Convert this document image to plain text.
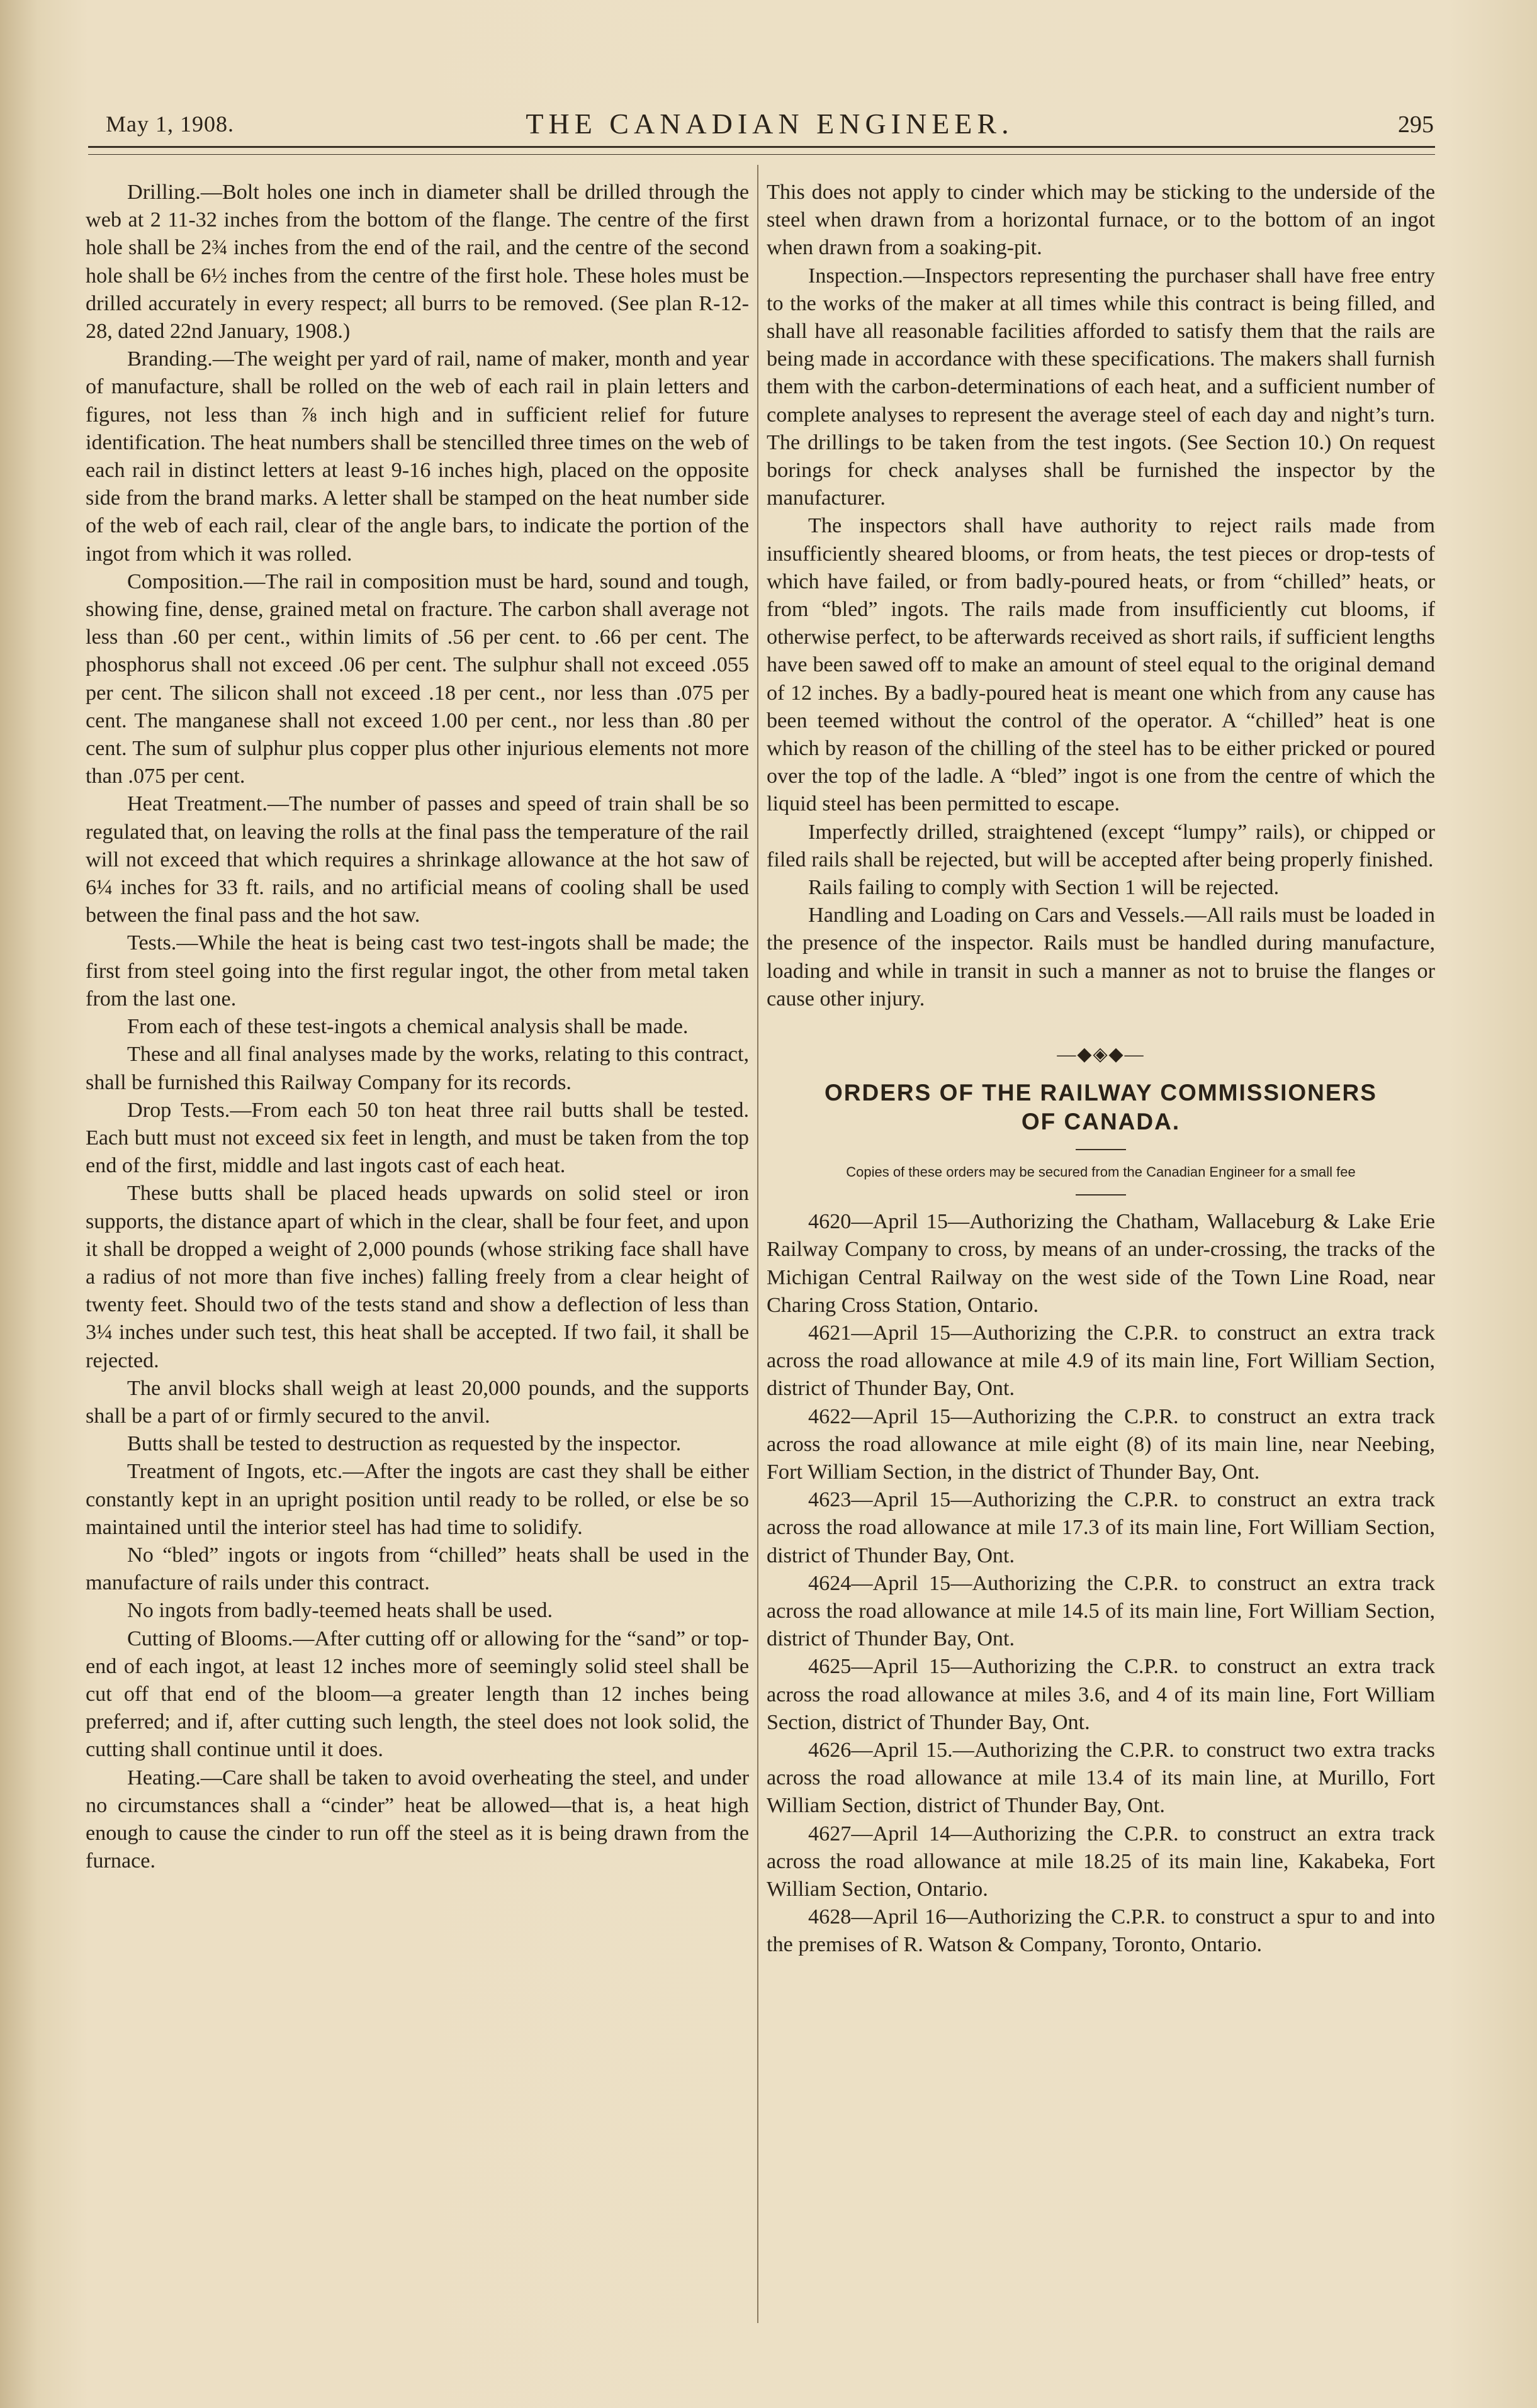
May 1, 1908.	THE CANADIAN ENGINEER.	295

Drilling.—Bolt holes one inch in diameter shall be drilled through the web at 2 11-32 inches from the bottom of the flange. The centre of the first hole shall be 2¾ inches from the end of the rail, and the centre of the second hole shall be 6½ inches from the centre of the first hole. These holes must be drilled accurately in every respect; all burrs to be removed. (See plan R-12-28, dated 22nd January, 1908.)

Branding.—The weight per yard of rail, name of maker, month and year of manufacture, shall be rolled on the web of each rail in plain letters and figures, not less than ⅞ inch high and in sufficient relief for future identification. The heat numbers shall be stencilled three times on the web of each rail in distinct letters at least 9-16 inches high, placed on the opposite side from the brand marks. A letter shall be stamped on the heat number side of the web of each rail, clear of the angle bars, to indicate the portion of the ingot from which it was rolled.

Composition.—The rail in composition must be hard, sound and tough, showing fine, dense, grained metal on fracture. The carbon shall average not less than .60 per cent., within limits of .56 per cent. to .66 per cent. The phosphorus shall not exceed .06 per cent. The sulphur shall not exceed .055 per cent. The silicon shall not exceed .18 per cent., nor less than .075 per cent. The manganese shall not exceed 1.00 per cent., nor less than .80 per cent. The sum of sulphur plus copper plus other injurious elements not more than .075 per cent.

Heat Treatment.—The number of passes and speed of train shall be so regulated that, on leaving the rolls at the final pass the temperature of the rail will not exceed that which requires a shrinkage allowance at the hot saw of 6¼ inches for 33 ft. rails, and no artificial means of cooling shall be used between the final pass and the hot saw.

Tests.—While the heat is being cast two test-ingots shall be made; the first from steel going into the first regular ingot, the other from metal taken from the last one.

From each of these test-ingots a chemical analysis shall be made.

These and all final analyses made by the works, relating to this contract, shall be furnished this Railway Company for its records.

Drop Tests.—From each 50 ton heat three rail butts shall be tested. Each butt must not exceed six feet in length, and must be taken from the top end of the first, middle and last ingots cast of each heat.

These butts shall be placed heads upwards on solid steel or iron supports, the distance apart of which in the clear, shall be four feet, and upon it shall be dropped a weight of 2,000 pounds (whose striking face shall have a radius of not more than five inches) falling freely from a clear height of twenty feet. Should two of the tests stand and show a deflection of less than 3¼ inches under such test, this heat shall be accepted. If two fail, it shall be rejected.

The anvil blocks shall weigh at least 20,000 pounds, and the supports shall be a part of or firmly secured to the anvil.

Butts shall be tested to destruction as requested by the inspector.

Treatment of Ingots, etc.—After the ingots are cast they shall be either constantly kept in an upright position until ready to be rolled, or else be so maintained until the interior steel has had time to solidify.

No “bled” ingots or ingots from “chilled” heats shall be used in the manufacture of rails under this contract.

No ingots from badly-teemed heats shall be used.

Cutting of Blooms.—After cutting off or allowing for the “sand” or top-end of each ingot, at least 12 inches more of seemingly solid steel shall be cut off that end of the bloom—a greater length than 12 inches being preferred; and if, after cutting such length, the steel does not look solid, the cutting shall continue until it does.

Heating.—Care shall be taken to avoid overheating the steel, and under no circumstances shall a “cinder” heat be allowed—that is, a heat high enough to cause the cinder to run off the steel as it is being drawn from the furnace.

This does not apply to cinder which may be sticking to the underside of the steel when drawn from a horizontal furnace, or to the bottom of an ingot when drawn from a soaking-pit.

Inspection.—Inspectors representing the purchaser shall have free entry to the works of the maker at all times while this contract is being filled, and shall have all reasonable facilities afforded to satisfy them that the rails are being made in accordance with these specifications. The makers shall furnish them with the carbon-determinations of each heat, and a sufficient number of complete analyses to represent the average steel of each day and night’s turn. The drillings to be taken from the test ingots. (See Section 10.) On request borings for check analyses shall be furnished the inspector by the manufacturer.

The inspectors shall have authority to reject rails made from insufficiently sheared blooms, or from heats, the test pieces or drop-tests of which have failed, or from badly-poured heats, or from “chilled” heats, or from “bled” ingots. The rails made from insufficiently cut blooms, if otherwise perfect, to be afterwards received as short rails, if sufficient lengths have been sawed off to make an amount of steel equal to the original demand of 12 inches. By a badly-poured heat is meant one which from any cause has been teemed without the control of the operator. A “chilled” heat is one which by reason of the chilling of the steel has to be either pricked or poured over the top of the ladle. A “bled” ingot is one from the centre of which the liquid steel has been permitted to escape.

Imperfectly drilled, straightened (except “lumpy” rails), or chipped or filed rails shall be rejected, but will be accepted after being properly finished.

Rails failing to comply with Section 1 will be rejected.

Handling and Loading on Cars and Vessels.—All rails must be loaded in the presence of the inspector. Rails must be handled during manufacture, loading and while in transit in such a manner as not to bruise the flanges or cause other injury.

—◆◈◆—
ORDERS OF THE RAILWAY COMMISSIONERS
OF CANADA.
Copies of these orders may be secured from the Canadian Engineer for a small fee

4620—April 15—Authorizing the Chatham, Wallaceburg & Lake Erie Railway Company to cross, by means of an under-crossing, the tracks of the Michigan Central Railway on the west side of the Town Line Road, near Charing Cross Station, Ontario.

4621—April 15—Authorizing the C.P.R. to construct an extra track across the road allowance at mile 4.9 of its main line, Fort William Section, district of Thunder Bay, Ont.

4622—April 15—Authorizing the C.P.R. to construct an extra track across the road allowance at mile eight (8) of its main line, near Neebing, Fort William Section, in the district of Thunder Bay, Ont.

4623—April 15—Authorizing the C.P.R. to construct an extra track across the road allowance at mile 17.3 of its main line, Fort William Section, district of Thunder Bay, Ont.

4624—April 15—Authorizing the C.P.R. to construct an extra track across the road allowance at mile 14.5 of its main line, Fort William Section, district of Thunder Bay, Ont.

4625—April 15—Authorizing the C.P.R. to construct an extra track across the road allowance at miles 3.6, and 4 of its main line, Fort William Section, district of Thunder Bay, Ont.

4626—April 15.—Authorizing the C.P.R. to construct two extra tracks across the road allowance at mile 13.4 of its main line, at Murillo, Fort William Section, district of Thunder Bay, Ont.

4627—April 14—Authorizing the C.P.R. to construct an extra track across the road allowance at mile 18.25 of its main line, Kakabeka, Fort William Section, Ontario.

4628—April 16—Authorizing the C.P.R. to construct a spur to and into the premises of R. Watson & Company, Toronto, Ontario.
